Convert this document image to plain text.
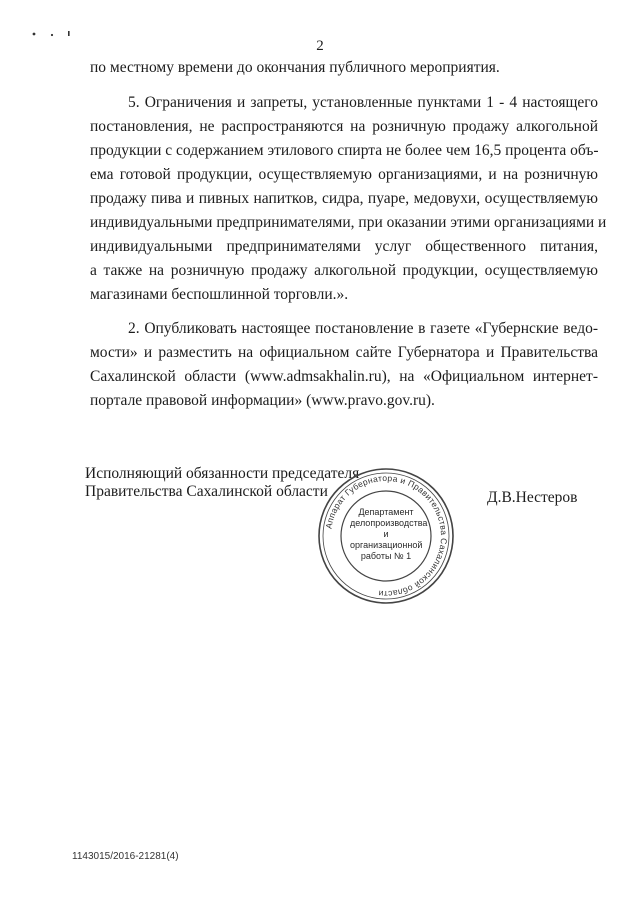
2

по местному времени до окончания публичного мероприятия.

5. Ограничения и запреты, установленные пунктами 1 - 4 настоящего

постановления, не распространяются на розничную продажу алкогольной

продукции с содержанием этилового спирта не более чем 16,5 процента объ-

ема готовой продукции, осуществляемую организациями, и на розничную

продажу пива и пивных напитков, сидра, пуаре, медовухи, осуществляемую

индивидуальными предпринимателями, при оказании этими организациями и

индивидуальными предпринимателями услуг общественного питания,

а также на розничную продажу алкогольной продукции, осуществляемую

магазинами беспошлинной торговли.».

2. Опубликовать настоящее постановление в газете «Губернские ведо-

мости» и разместить на официальном сайте Губернатора и Правительства

Сахалинской области (www.admsakhalin.ru), на «Официальном интернет-

портале правовой информации» (www.pravo.gov.ru).

Исполняющий обязанности председателя

Правительства Сахалинской области	Д.В.Нестеров

Аппарат Губернатора и Правительства Сахалинской области
Департамент
делопроизводства
и организационной
работы № 1
1143015/2016-21281(4)
